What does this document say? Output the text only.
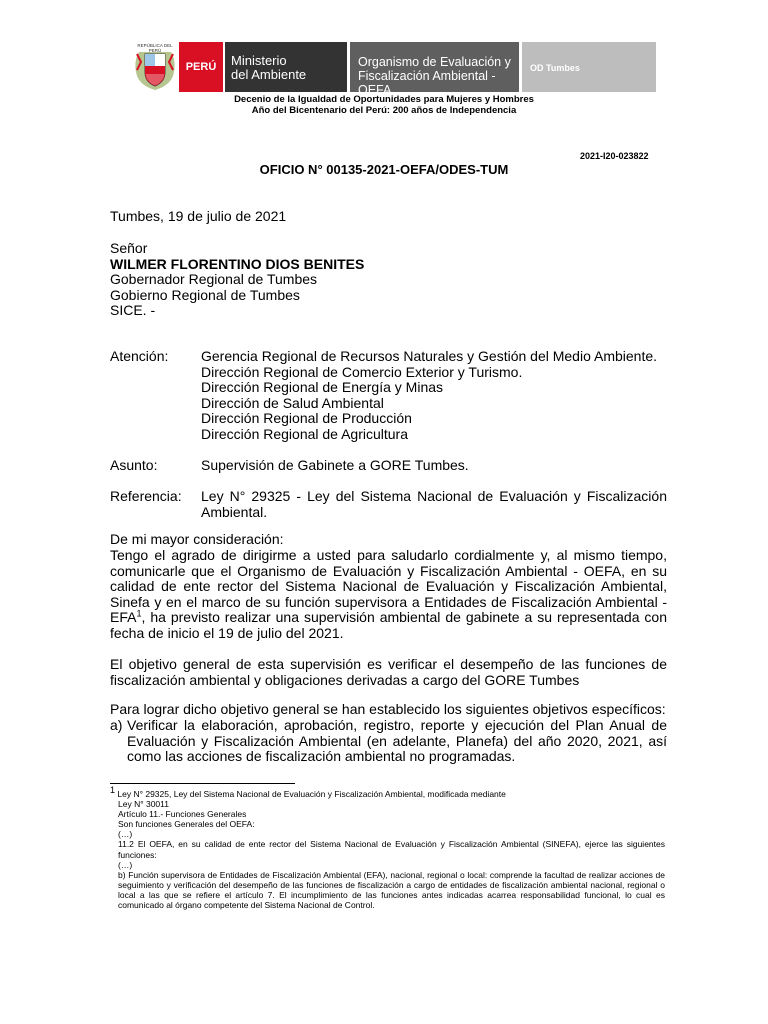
REPÚBLICA DEL PERÚ
PERÚ	Ministerio
del Ambiente
Organismo de Evaluación y
Fiscalización Ambiental - OEFA
OD Tumbes
Decenio de la Igualdad de Oportunidades para Mujeres y Hombres
Año del Bicentenario del Perú: 200 años de Independencia
2021-I20-023822
OFICIO N° 00135-2021-OEFA/ODES-TUM
Tumbes, 19 de julio de 2021
Señor
WILMER FLORENTINO DIOS BENITES
Gobernador Regional de Tumbes
Gobierno Regional de Tumbes
SICE. -
Atención: Gerencia Regional de Recursos Naturales y Gestión del Medio Ambiente.
Dirección Regional de Comercio Exterior y Turismo.
Dirección Regional de Energía y Minas
Dirección de Salud Ambiental
Dirección Regional de Producción
Dirección Regional de Agricultura
Asunto:	Supervisión de Gabinete a GORE Tumbes.
Referencia: Ley N° 29325 - Ley del Sistema Nacional de Evaluación y Fiscalización Ambiental.
De mi mayor consideración:
Tengo el agrado de dirigirme a usted para saludarlo cordialmente y, al mismo tiempo, comunicarle que el Organismo de Evaluación y Fiscalización Ambiental - OEFA, en su calidad de ente rector del Sistema Nacional de Evaluación y Fiscalización Ambiental, Sinefa y en el marco de su función supervisora a Entidades de Fiscalización Ambiental - EFA$^1$, ha previsto realizar una supervisión ambiental de gabinete a su representada con fecha de inicio el 19 de julio del 2021.
El objetivo general de esta supervisión es verificar el desempeño de las funciones de fiscalización ambiental y obligaciones derivadas a cargo del GORE Tumbes
Para lograr dicho objetivo general se han establecido los siguientes objetivos específicos:
a) Verificar la elaboración, aprobación, registro, reporte y ejecución del Plan Anual de Evaluación y Fiscalización Ambiental (en adelante, Planefa) del año 2020, 2021, así como las acciones de fiscalización ambiental no programadas.
$^1$ Ley N° 29325, Ley del Sistema Nacional de Evaluación y Fiscalización Ambiental, modificada mediante
Ley N° 30011
Artículo 11.- Funciones Generales
Son funciones Generales del OEFA:
(…)
11.2 El OEFA, en su calidad de ente rector del Sistema Nacional de Evaluación y Fiscalización Ambiental (SINEFA), ejerce las siguientes funciones:
(…)
b) Función supervisora de Entidades de Fiscalización Ambiental (EFA), nacional, regional o local: comprende la facultad de realizar acciones de seguimiento y verificación del desempeño de las funciones de fiscalización a cargo de entidades de fiscalización ambiental nacional, regional o local a las que se refiere el artículo 7. El incumplimiento de las funciones antes indicadas acarrea responsabilidad funcional, lo cual es comunicado al órgano competente del Sistema Nacional de Control.
